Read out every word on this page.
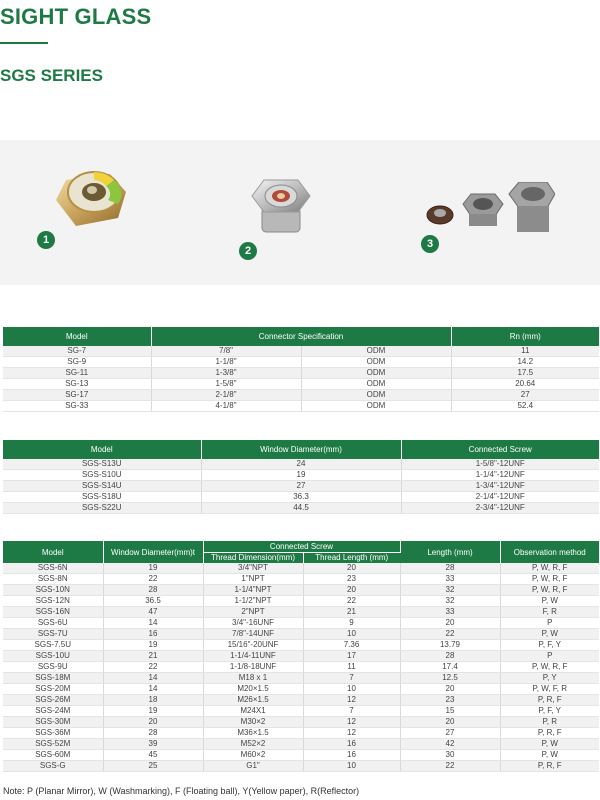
SIGHT GLASS
SGS SERIES
1
2
3
Model	Connector Specification		Rn (mm)
SG-7	7/8"	ODM	11
SG-9	1-1/8"	ODM	14.2
SG-11	1-3/8"	ODM	17.5
SG-13	1-5/8"	ODM	20.64
SG-17	2-1/8"	ODM	27
SG-33	4-1/8"	ODM	52.4
Model	Window Diameter(mm)	Connected Screw
SGS-S13U	24	1-5/8"-12UNF
SGS-S10U	19	1-1/4"-12UNF
SGS-S14U	27	1-3/4"-12UNF
SGS-S18U	36.3	2-1/4"-12UNF
SGS-S22U	44.5	2-3/4"-12UNF
Model	Window Diameter(mm)t	Connected Screw		Length (mm)	Observation method
		Thread Dimension(mm)	Thread Length (mm)		
SGS-6N	19	3/4"NPT	20	28	P, W, R, F
SGS-8N	22	1"NPT	23	33	P, W, R, F
SGS-10N	28	1-1/4"NPT	20	32	P, W, R, F
SGS-12N	36.5	1-1/2"NPT	22	32	P, W
SGS-16N	47	2"NPT	21	33	F, R
SGS-6U	14	3/4"-16UNF	9	20	P
SGS-7U	16	7/8"-14UNF	10	22	P, W
SGS-7.5U	19	15/16"-20UNF	7.36	13.79	P, F, Y
SGS-10U	21	1-1/4-11UNF	17	28	P
SGS-9U	22	1-1/8-18UNF	11	17.4	P, W, R, F
SGS-18M	14	M18 x 1	7	12.5	P, Y
SGS-20M	14	M20×1.5	10	20	P, W, F, R
SGS-26M	18	M26×1.5	12	23	P, R, F
SGS-24M	19	M24X1	7	15	P, F, Y
SGS-30M	20	M30×2	12	20	P, R
SGS-36M	28	M36×1.5	12	27	P, R, F
SGS-52M	39	M52×2	16	42	P, W
SGS-60M	45	M60×2	16	30	P, W
SGS-G	25	G1"	10	22	P, R, F
Note: P (Planar Mirror), W (Washmarking), F (Floating ball), Y(Yellow paper), R(Reflector)
